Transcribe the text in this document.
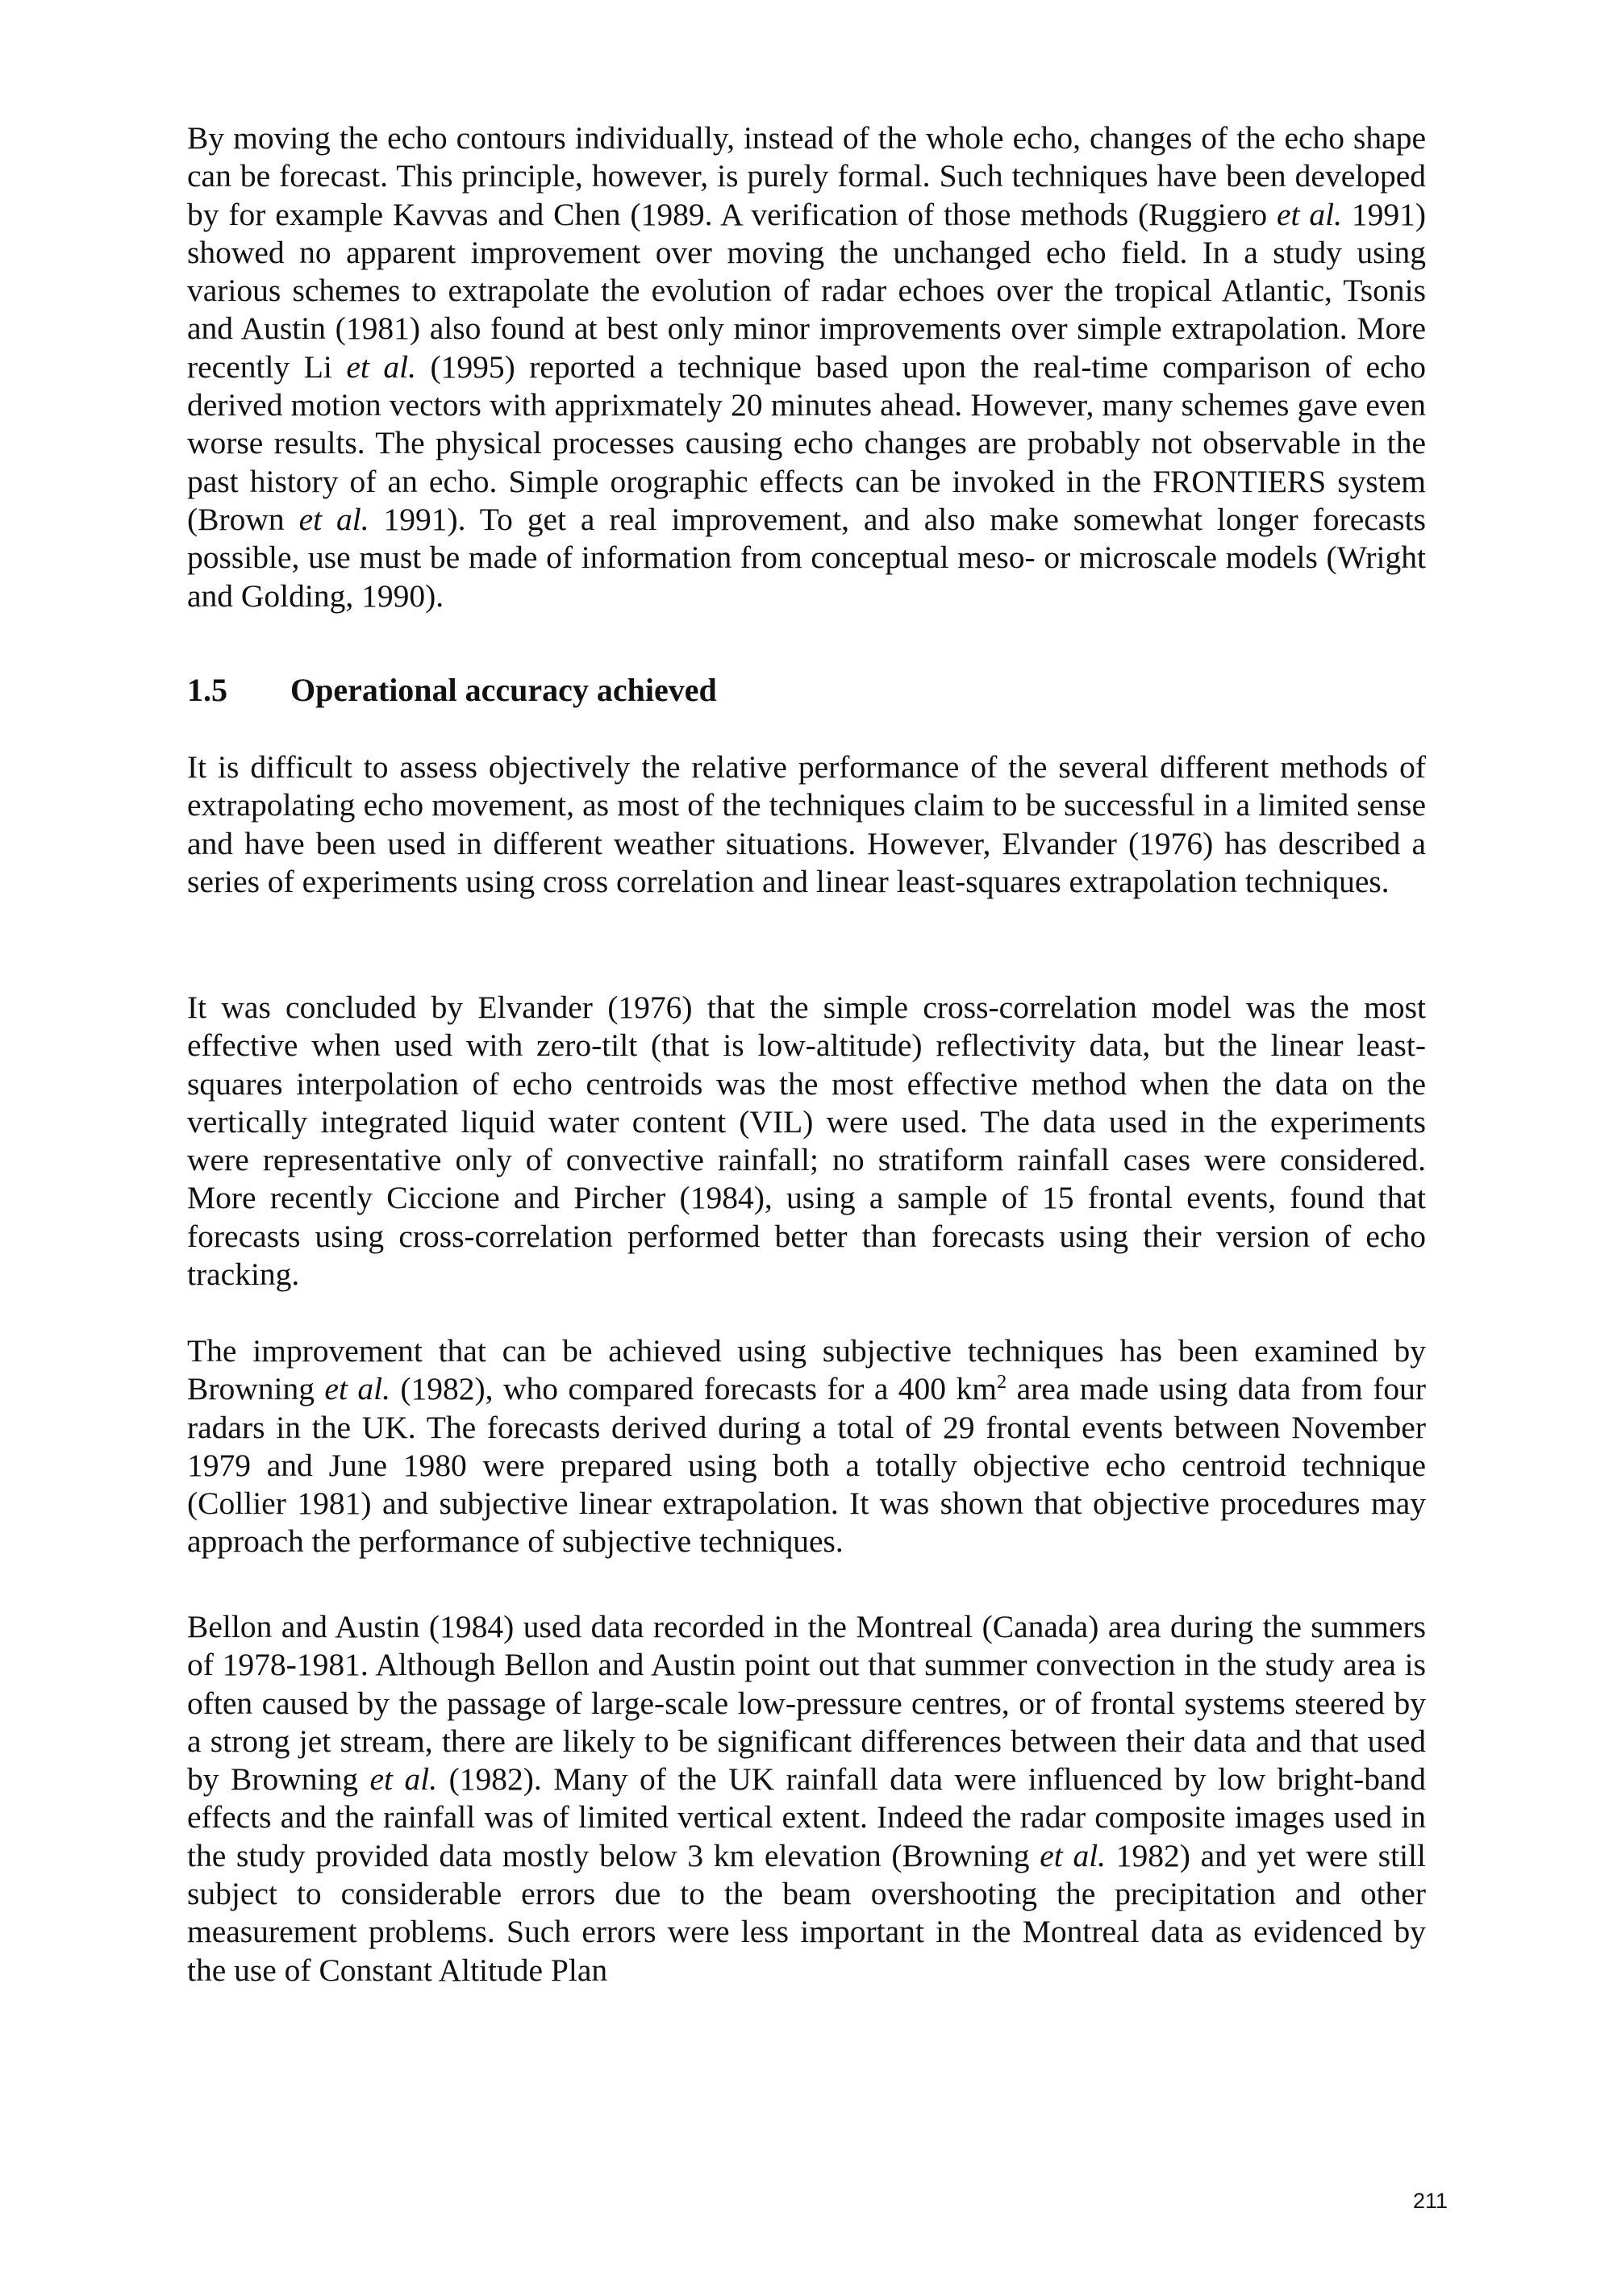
By moving the echo contours individually, instead of the whole echo, changes of the echo shape can be forecast. This principle, however, is purely formal. Such techniques have been developed by for example Kavvas and Chen (1989. A verification of those methods (Ruggiero et al. 1991) showed no apparent improvement over moving the unchanged echo field. In a study using various schemes to extrapolate the evolution of radar echoes over the tropical Atlantic, Tsonis and Austin (1981) also found at best only minor improvements over simple extrapolation. More recently Li et al. (1995) reported a technique based upon the real-time comparison of echo derived motion vectors with apprixmately 20 minutes ahead. However, many schemes gave even worse results. The physical processes causing echo changes are probably not observable in the past history of an echo. Simple orographic effects can be invoked in the FRONTIERS system (Brown et al. 1991). To get a real improvement, and also make somewhat longer forecasts possible, use must be made of information from conceptual meso- or microscale models (Wright and Golding, 1990).

1.5 Operational accuracy achieved

It is difficult to assess objectively the relative performance of the several different methods of extrapolating echo movement, as most of the techniques claim to be successful in a limited sense and have been used in different weather situations. However, Elvander (1976) has described a series of experiments using cross correlation and linear least-squares extrapolation techniques.

It was concluded by Elvander (1976) that the simple cross-correlation model was the most effective when used with zero-tilt (that is low-altitude) reflectivity data, but the linear least-squares interpolation of echo centroids was the most effective method when the data on the vertically integrated liquid water content (VIL) were used. The data used in the experiments were representative only of convective rainfall; no stratiform rainfall cases were considered. More recently Ciccione and Pircher (1984), using a sample of 15 frontal events, found that forecasts using cross-correlation performed better than forecasts using their version of echo tracking.

The improvement that can be achieved using subjective techniques has been examined by Browning et al. (1982), who compared forecasts for a 400 $km^2$ area made using data from four radars in the UK. The forecasts derived during a total of 29 frontal events between November 1979 and June 1980 were prepared using both a totally objective echo centroid technique (Collier 1981) and subjective linear extrapolation. It was shown that objective procedures may approach the performance of subjective techniques.

Bellon and Austin (1984) used data recorded in the Montreal (Canada) area during the summers of 1978-1981. Although Bellon and Austin point out that summer convection in the study area is often caused by the passage of large-scale low-pressure centres, or of frontal systems steered by a strong jet stream, there are likely to be significant differences between their data and that used by Browning et al. (1982). Many of the UK rainfall data were influenced by low bright-band effects and the rainfall was of limited vertical extent. Indeed the radar composite images used in the study provided data mostly below 3 km elevation (Browning et al. 1982) and yet were still subject to considerable errors due to the beam overshooting the precipitation and other measurement problems. Such errors were less important in the Montreal data as evidenced by the use of Constant Altitude Plan

211
